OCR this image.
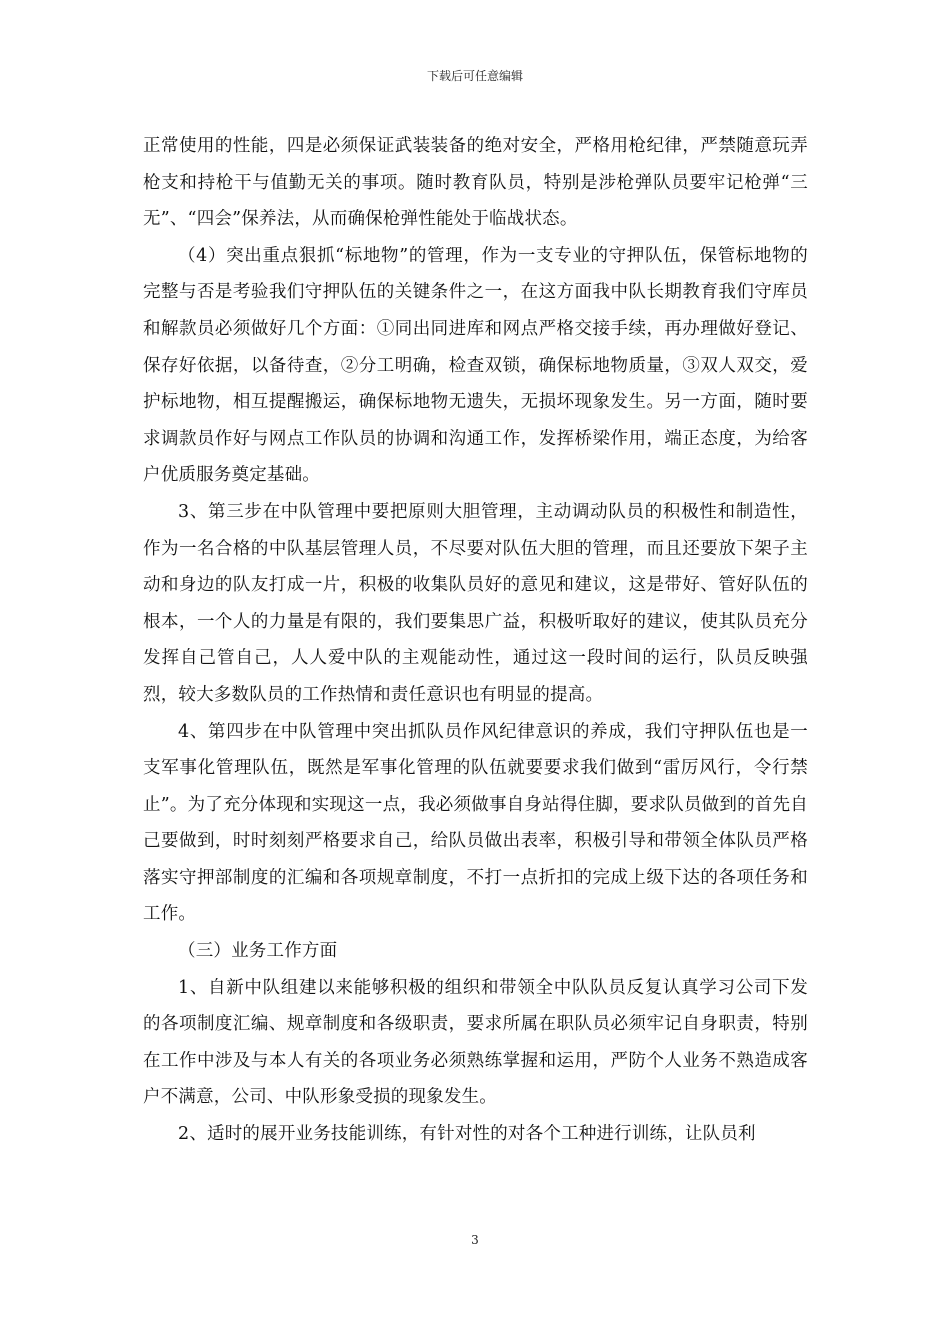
下载后可任意编辑

正常使用的性能，四是必须保证武装装备的绝对安全，严格用枪纪律，严禁随意玩弄枪支和持枪干与值勤无关的事项。随时教育队员，特别是涉枪弹队员要牢记枪弹“三无”、“四会”保养法，从而确保枪弹性能处于临战状态。

（4）突出重点狠抓“标地物”的管理，作为一支专业的守押队伍，保管标地物的完整与否是考验我们守押队伍的关键条件之一，在这方面我中队长期教育我们守库员和解款员必须做好几个方面：①同出同进库和网点严格交接手续，再办理做好登记、保存好依据，以备待查，②分工明确，检查双锁，确保标地物质量，③双人双交，爱护标地物，相互提醒搬运，确保标地物无遗失，无损坏现象发生。另一方面，随时要求调款员作好与网点工作队员的协调和沟通工作，发挥桥梁作用，端正态度，为给客户优质服务奠定基础。

3、第三步在中队管理中要把原则大胆管理，主动调动队员的积极性和制造性，作为一名合格的中队基层管理人员，不尽要对队伍大胆的管理，而且还要放下架子主动和身边的队友打成一片，积极的收集队员好的意见和建议，这是带好、管好队伍的根本，一个人的力量是有限的，我们要集思广益，积极听取好的建议，使其队员充分发挥自己管自己，人人爱中队的主观能动性，通过这一段时间的运行，队员反映强烈，较大多数队员的工作热情和责任意识也有明显的提高。

4、第四步在中队管理中突出抓队员作风纪律意识的养成，我们守押队伍也是一支军事化管理队伍，既然是军事化管理的队伍就要要求我们做到“雷厉风行，令行禁止”。为了充分体现和实现这一点，我必须做事自身站得住脚，要求队员做到的首先自己要做到，时时刻刻严格要求自己，给队员做出表率，积极引导和带领全体队员严格落实守押部制度的汇编和各项规章制度，不打一点折扣的完成上级下达的各项任务和工作。

（三）业务工作方面

1、自新中队组建以来能够积极的组织和带领全中队队员反复认真学习公司下发的各项制度汇编、规章制度和各级职责，要求所属在职队员必须牢记自身职责，特别在工作中涉及与本人有关的各项业务必须熟练掌握和运用，严防个人业务不熟造成客户不满意，公司、中队形象受损的现象发生。

2、适时的展开业务技能训练，有针对性的对各个工种进行训练，让队员利

3
